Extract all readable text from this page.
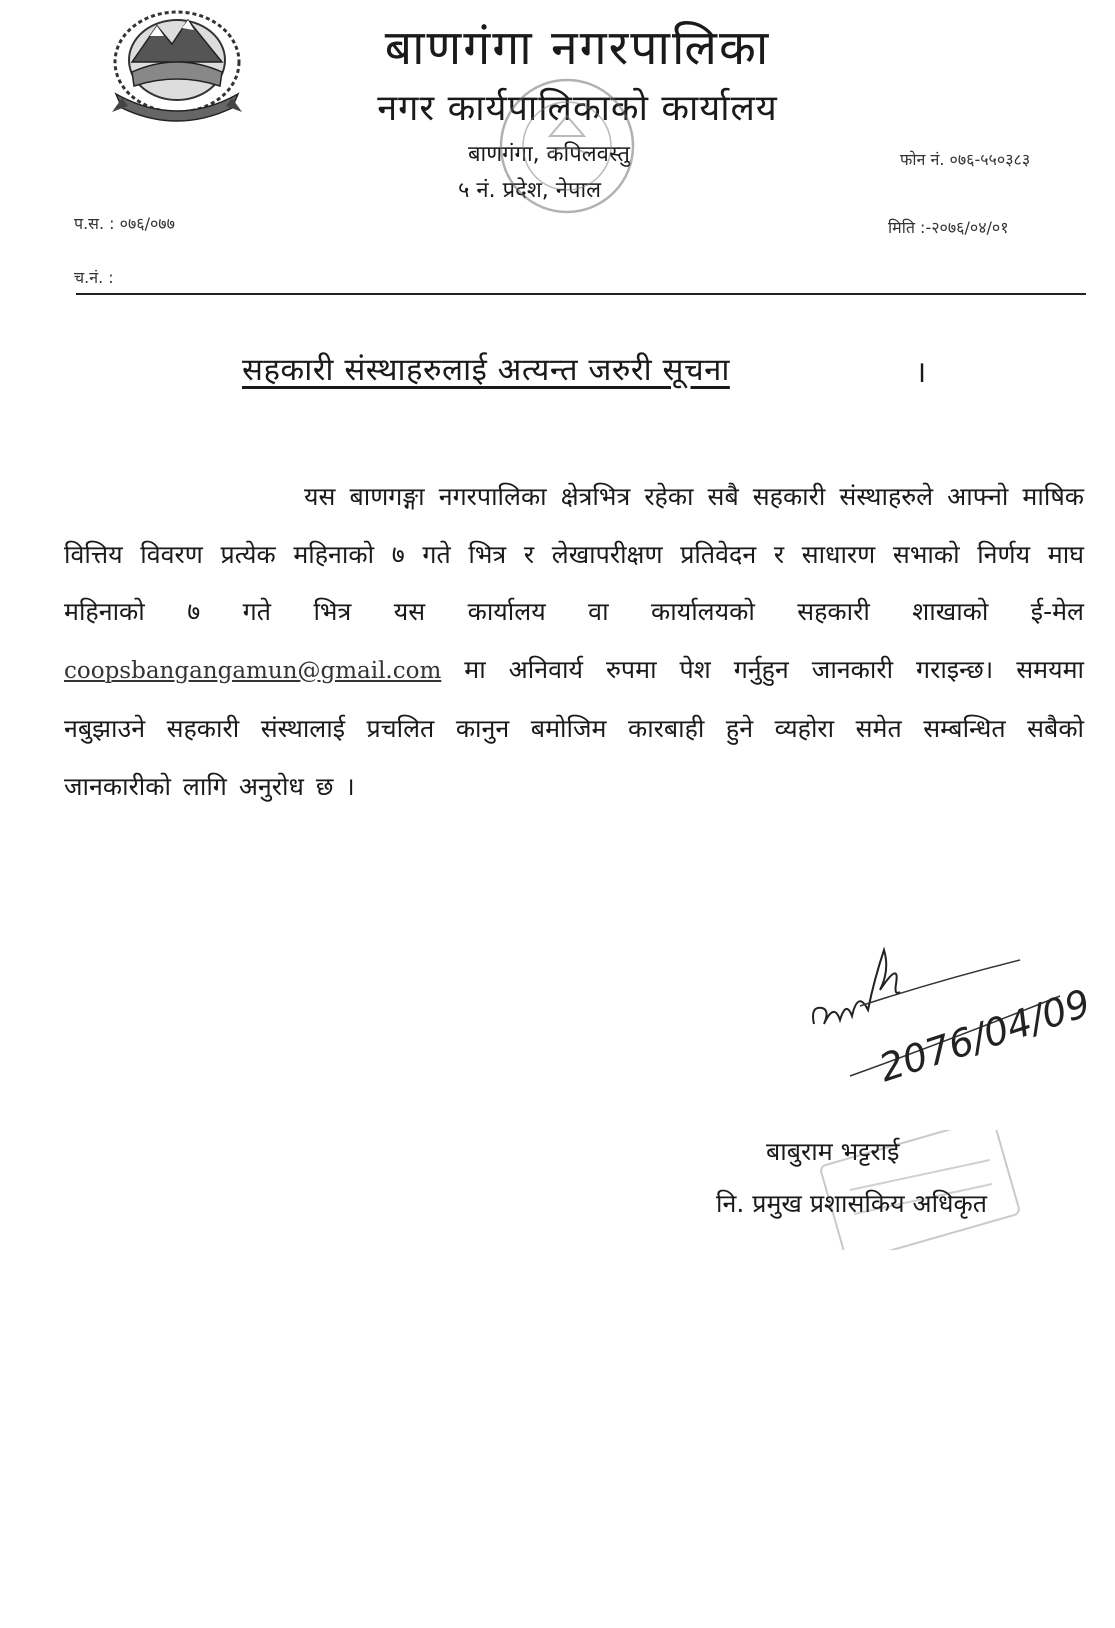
बाणगंगा नगरपालिका
नगर कार्यपालिकाको कार्यालय
बाणगंगा, कपिलवस्तु
५ नं. प्रदेश, नेपाल
फोन नं. ०७६-५५०३८३
प.स. : ०७६/०७७	मिति :-२०७६/०४/०१
च.नं. :
सहकारी संस्थाहरुलाई अत्यन्त जरुरी सूचना	।
यस बाणगङ्गा नगरपालिका क्षेत्रभित्र रहेका सबै सहकारी संस्थाहरुले आफ्नो माषिक वित्तिय विवरण प्रत्येक महिनाको ७ गते भित्र र लेखापरीक्षण प्रतिवेदन र साधारण सभाको निर्णय माघ महिनाको ७ गते भित्र यस कार्यालय वा कार्यालयको सहकारी शाखाको ई-मेल coopsbangangamun@gmail.com मा अनिवार्य रुपमा पेश गर्नुहुन जानकारी गराइन्छ। समयमा नबुझाउने सहकारी संस्थालाई प्रचलित कानुन बमोजिम कारबाही हुने व्यहोरा समेत सम्बन्धित सबैको जानकारीको लागि अनुरोध छ ।
2076/04/09
बाबुराम भट्टराई
नि. प्रमुख प्रशासकिय अधिकृत
